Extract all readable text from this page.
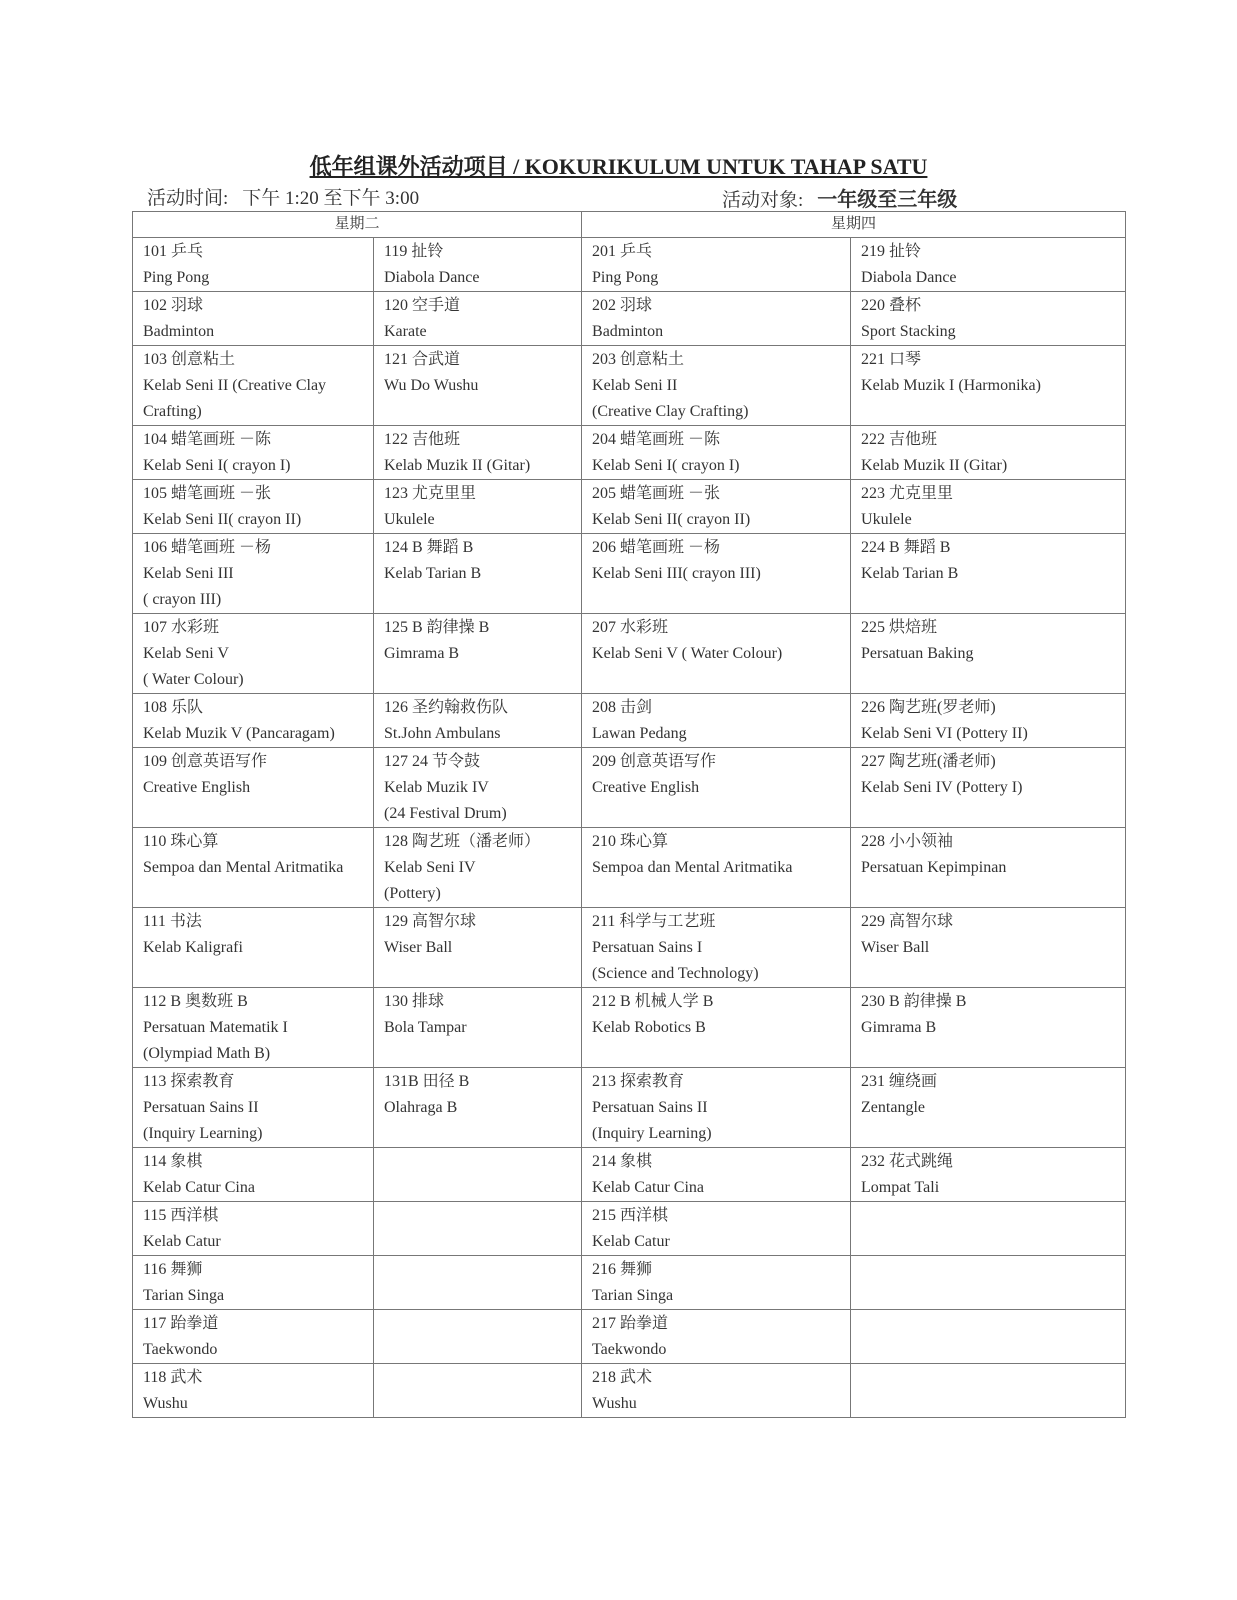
低年组课外活动项目 / KOKURIKULUM UNTUK TAHAP SATU
活动时间: 下午 1:20 至下午 3:00	活动对象: 一年级至三年级
星期二		星期四	

101 乒乓
Ping Pong	119 扯铃
Diabola Dance	201 乒乓
Ping Pong	219 扯铃
Diabola Dance

102 羽球
Badminton	120 空手道
Karate	202 羽球
Badminton	220 叠杯
Sport Stacking

103 创意粘土
Kelab Seni II (Creative Clay
Crafting)	121 合武道
Wu Do Wushu	203 创意粘土
Kelab Seni II
(Creative Clay Crafting)	221 口琴
Kelab Muzik I (Harmonika)

104 蜡笔画班 －陈
Kelab Seni I( crayon I)	122 吉他班
Kelab Muzik II (Gitar)	204 蜡笔画班 －陈
Kelab Seni I( crayon I)	222 吉他班
Kelab Muzik II (Gitar)

105 蜡笔画班 －张
Kelab Seni II( crayon II)	123 尤克里里
Ukulele	205 蜡笔画班 －张
Kelab Seni II( crayon II)	223 尤克里里
Ukulele

106 蜡笔画班 －杨
Kelab Seni III
( crayon III)	124 B 舞蹈 B
Kelab Tarian B	206 蜡笔画班 －杨
Kelab Seni III( crayon III)	224 B 舞蹈 B
Kelab Tarian B

107 水彩班
Kelab Seni V
( Water Colour)	125 B 韵律操 B
Gimrama B	207 水彩班
Kelab Seni V ( Water Colour)	225 烘焙班
Persatuan Baking

108 乐队
Kelab Muzik V (Pancaragam)	126 圣约翰救伤队
St.John Ambulans	208 击剑
Lawan Pedang	226 陶艺班(罗老师)
Kelab Seni VI (Pottery II)

109 创意英语写作
Creative English	127 24 节令鼓
Kelab Muzik IV
(24 Festival Drum)	209 创意英语写作
Creative English	227 陶艺班(潘老师)
Kelab Seni IV (Pottery I)

110 珠心算
Sempoa dan Mental Aritmatika	128 陶艺班（潘老师）
Kelab Seni IV
(Pottery)	210 珠心算
Sempoa dan Mental Aritmatika	228 小小领袖
Persatuan Kepimpinan

111 书法
Kelab Kaligrafi	129 高智尔球
Wiser Ball	211 科学与工艺班
Persatuan Sains I
(Science and Technology)	229 高智尔球
Wiser Ball

112 B 奥数班 B
Persatuan Matematik I
(Olympiad Math B)	130 排球
Bola Tampar	212 B 机械人学 B
Kelab Robotics B	230 B 韵律操 B
Gimrama B

113 探索教育
Persatuan Sains II
(Inquiry Learning)	131B 田径 B
Olahraga B	213 探索教育
Persatuan Sains II
(Inquiry Learning)	231 缠绕画
Zentangle

114 象棋
Kelab Catur Cina		214 象棋
Kelab Catur Cina	232 花式跳绳
Lompat Tali

115 西洋棋
Kelab Catur		215 西洋棋
Kelab Catur	

116 舞狮
Tarian Singa		216 舞狮
Tarian Singa	

117 跆拳道
Taekwondo		217 跆拳道
Taekwondo	

118 武术
Wushu		218 武术
Wushu	
